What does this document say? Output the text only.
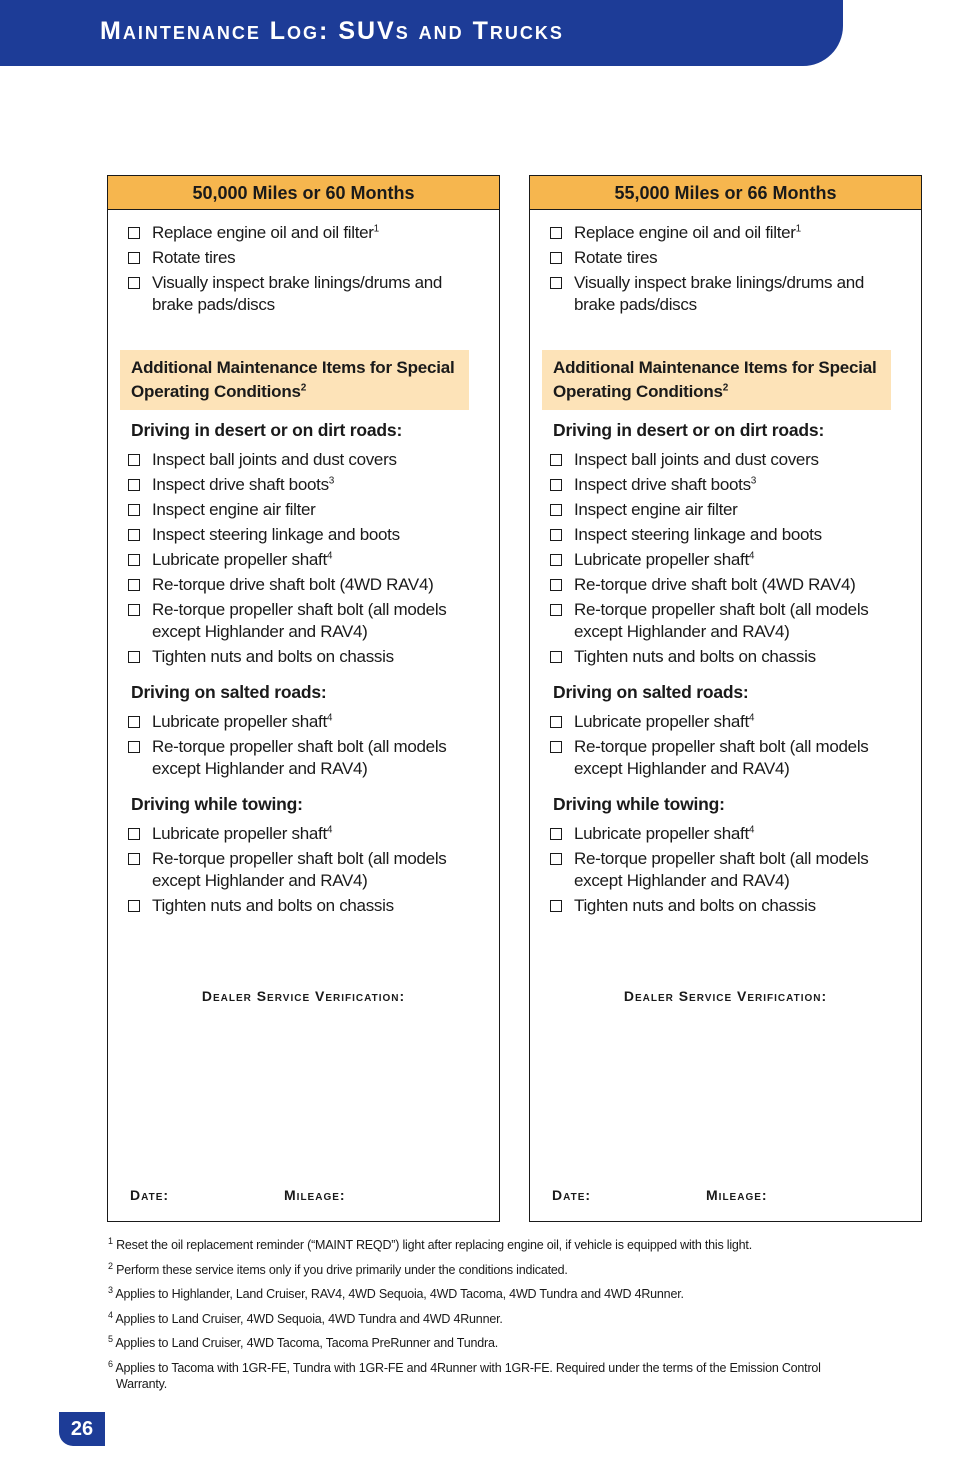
Maintenance Log: SUVs and Trucks
50,000 Miles or 60 Months
Replace engine oil and oil filter$^1$
Rotate tires
Visually inspect brake linings/drums and brake pads/discs
Additional Maintenance Items for Special Operating Conditions$^2$
Driving in desert or on dirt roads:
Inspect ball joints and dust covers
Inspect drive shaft boots$^3$
Inspect engine air filter
Inspect steering linkage and boots
Lubricate propeller shaft$^4$
Re-torque drive shaft bolt (4WD RAV4)
Re-torque propeller shaft bolt (all models except Highlander and RAV4)
Tighten nuts and bolts on chassis
Driving on salted roads:
Lubricate propeller shaft$^4$
Re-torque propeller shaft bolt (all models except Highlander and RAV4)
Driving while towing:
Lubricate propeller shaft$^4$
Re-torque propeller shaft bolt (all models except Highlander and RAV4)
Tighten nuts and bolts on chassis
Dealer Service Verification:
Date:	Mileage:
55,000 Miles or 66 Months
Replace engine oil and oil filter$^1$
Rotate tires
Visually inspect brake linings/drums and brake pads/discs
Additional Maintenance Items for Special Operating Conditions$^2$
Driving in desert or on dirt roads:
Inspect ball joints and dust covers
Inspect drive shaft boots$^3$
Inspect engine air filter
Inspect steering linkage and boots
Lubricate propeller shaft$^4$
Re-torque drive shaft bolt (4WD RAV4)
Re-torque propeller shaft bolt (all models except Highlander and RAV4)
Tighten nuts and bolts on chassis
Driving on salted roads:
Lubricate propeller shaft$^4$
Re-torque propeller shaft bolt (all models except Highlander and RAV4)
Driving while towing:
Lubricate propeller shaft$^4$
Re-torque propeller shaft bolt (all models except Highlander and RAV4)
Tighten nuts and bolts on chassis
Dealer Service Verification:
Date:	Mileage:
$^1$ Reset the oil replacement reminder (“MAINT REQD”) light after replacing engine oil, if vehicle is equipped with this light.
$^2$ Perform these service items only if you drive primarily under the conditions indicated.
$^3$ Applies to Highlander, Land Cruiser, RAV4, 4WD Sequoia, 4WD Tacoma, 4WD Tundra and 4WD 4Runner.
$^4$ Applies to Land Cruiser, 4WD Sequoia, 4WD Tundra and 4WD 4Runner.
$^5$ Applies to Land Cruiser, 4WD Tacoma, Tacoma PreRunner and Tundra.
$^6$ Applies to Tacoma with 1GR-FE, Tundra with 1GR-FE and 4Runner with 1GR-FE. Required under the terms of the Emission Control Warranty.
26
